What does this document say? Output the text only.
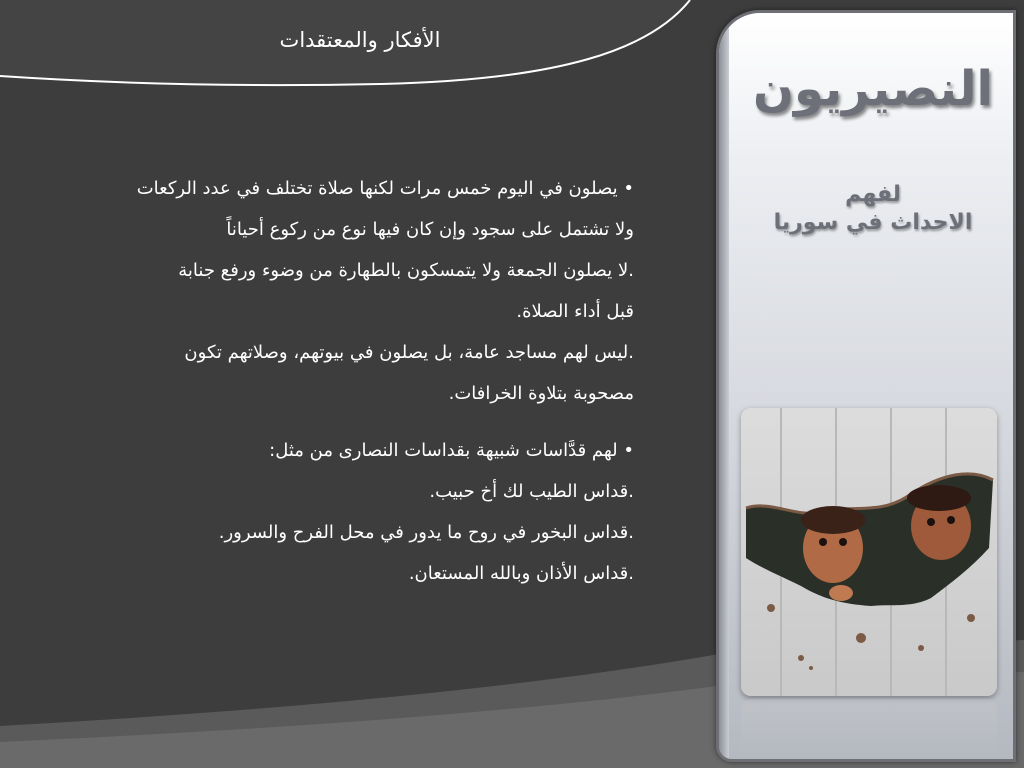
الأفكار والمعتقدات
• يصلون في اليوم خمس مرات لكنها صلاة تختلف في عدد الركعات
ولا تشتمل على سجود وإن كان فيها نوع من ركوع أحياناً
.لا يصلون الجمعة ولا يتمسكون بالطهارة من وضوء ورفع جنابة
قبل أداء الصلاة.
.ليس لهم مساجد عامة، بل يصلون في بيوتهم، وصلاتهم تكون
مصحوبة بتلاوة الخرافات.
• لهم قدَّاسات شبيهة بقداسات النصارى من مثل:
.قداس الطيب لك أخ حبيب.
.قداس البخور في روح ما يدور في محل الفرح والسرور.
.قداس الأذان وبالله المستعان.
النصيريون
لفهم
الاحداث في سوريا
